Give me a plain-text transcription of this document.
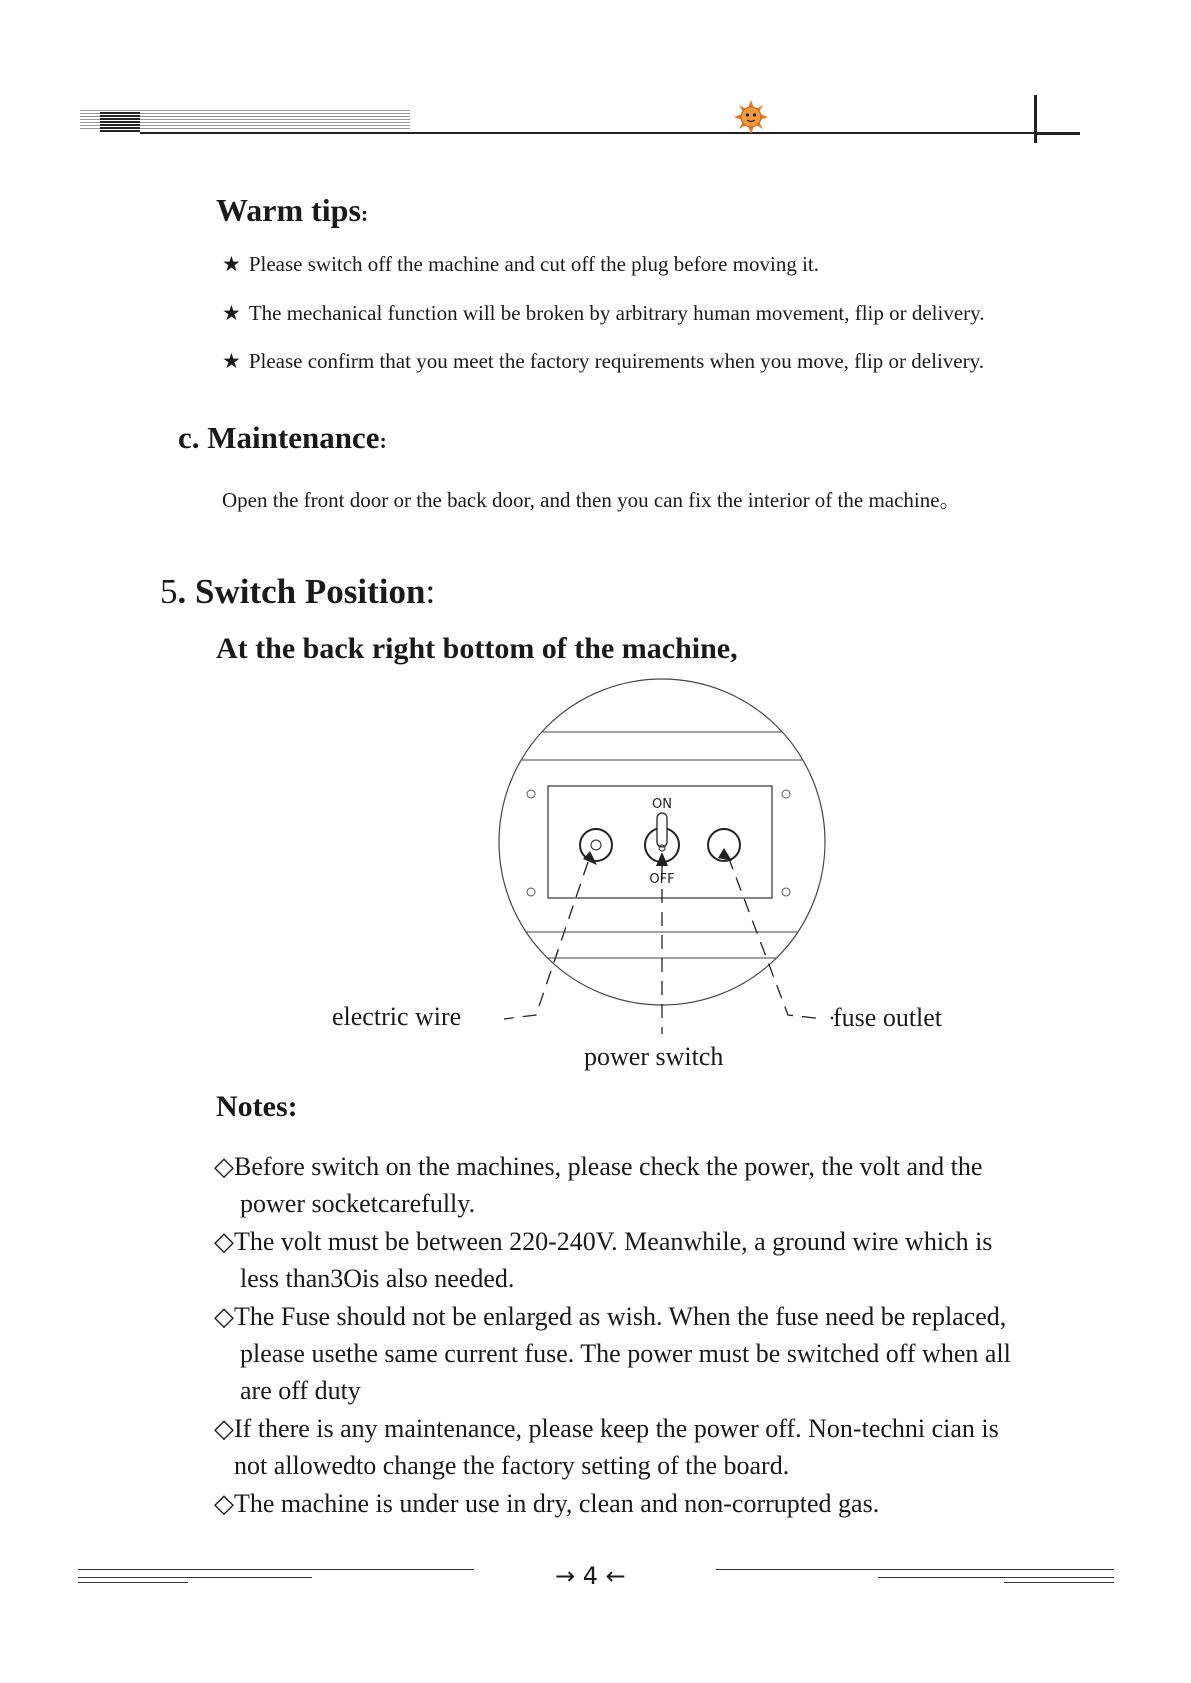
Warm tips:
★ Please switch off the machine and cut off the plug before moving it.
★ The mechanical function will be broken by arbitrary human movement, flip or delivery.
★ Please confirm that you meet the factory requirements when you move, flip or delivery.
c. Maintenance:
Open the front door or the back door, and then you can fix the interior of the machine。
5. Switch Position:
At the back right bottom of the machine,
ON
OFF
electric wire
power switch
fuse outlet
Notes:
◇Before switch on the machines, please check the power, the volt and the
power socketcarefully.
◇The volt must be between 220-240V. Meanwhile, a ground wire which is
less than3Ois also needed.
◇The Fuse should not be enlarged as wish. When the fuse need be replaced,
please usethe same current fuse. The power must be switched off when all
are off duty
◇If there is any maintenance, please keep the power off. Non-techni cian is
not allowedto change the factory setting of the board.
◇The machine is under use in dry, clean and non-corrupted gas.
→ 4 ←
